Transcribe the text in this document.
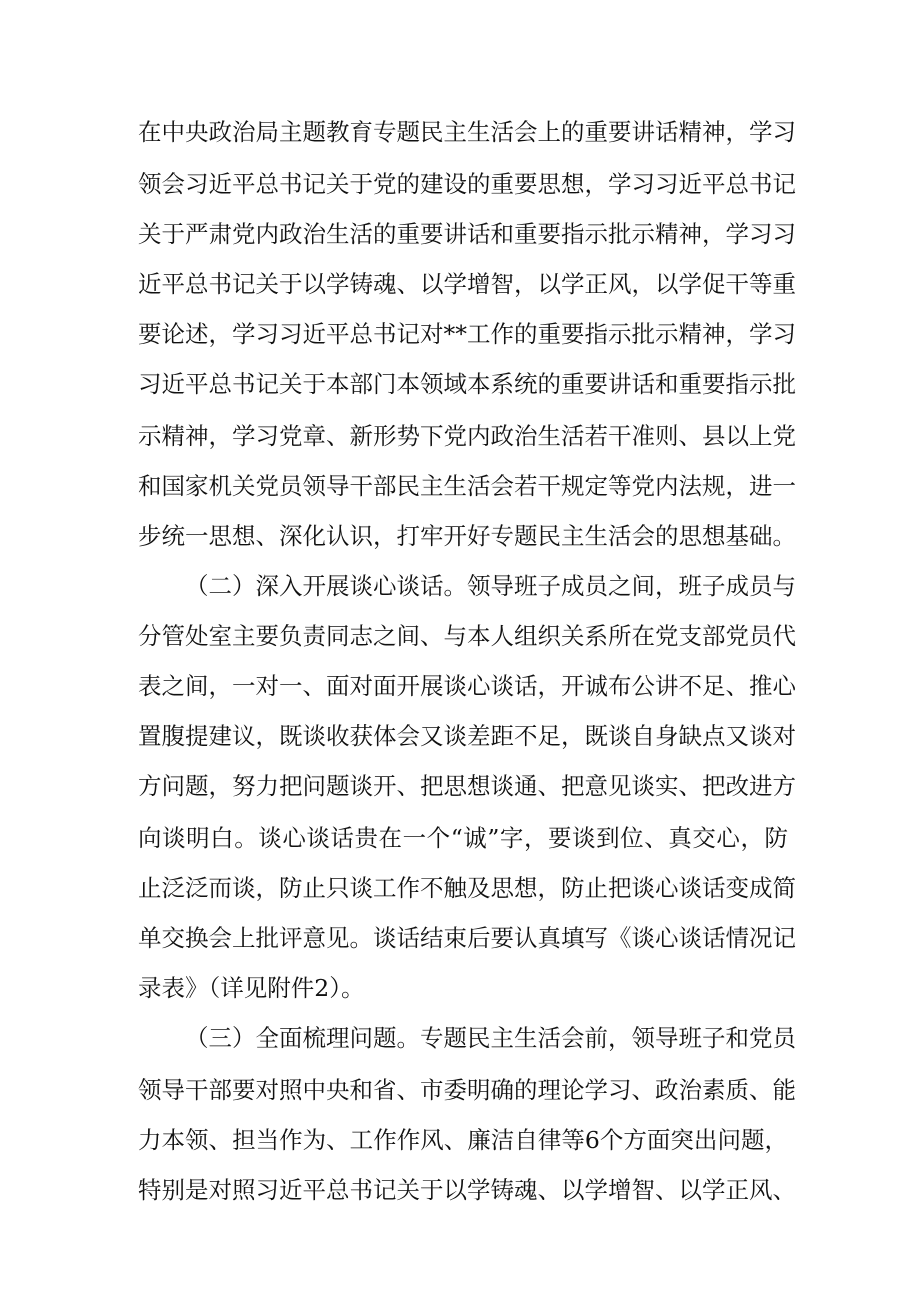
在中央政治局主题教育专题民主生活会上的重要讲话精神，学习
领会习近平总书记关于党的建设的重要思想，学习习近平总书记
关于严肃党内政治生活的重要讲话和重要指示批示精神，学习习
近平总书记关于以学铸魂、以学增智，以学正风，以学促干等重
要论述，学习习近平总书记对**工作的重要指示批示精神，学习
习近平总书记关于本部门本领域本系统的重要讲话和重要指示批
示精神，学习党章、新形势下党内政治生活若干准则、县以上党
和国家机关党员领导干部民主生活会若干规定等党内法规，进一
步统一思想、深化认识，打牢开好专题民主生活会的思想基础。
（二）深入开展谈心谈话。领导班子成员之间，班子成员与
分管处室主要负责同志之间、与本人组织关系所在党支部党员代
表之间，一对一、面对面开展谈心谈话，开诚布公讲不足、推心
置腹提建议，既谈收获体会又谈差距不足，既谈自身缺点又谈对
方问题，努力把问题谈开、把思想谈通、把意见谈实、把改进方
向谈明白。谈心谈话贵在一个“诚”字，要谈到位、真交心，防
止泛泛而谈，防止只谈工作不触及思想，防止把谈心谈话变成简
单交换会上批评意见。谈话结束后要认真填写《谈心谈话情况记
录表》（详见附件2）。
（三）全面梳理问题。专题民主生活会前，领导班子和党员
领导干部要对照中央和省、市委明确的理论学习、政治素质、能
力本领、担当作为、工作作风、廉洁自律等6个方面突出问题，
特别是对照习近平总书记关于以学铸魂、以学增智、以学正风、
